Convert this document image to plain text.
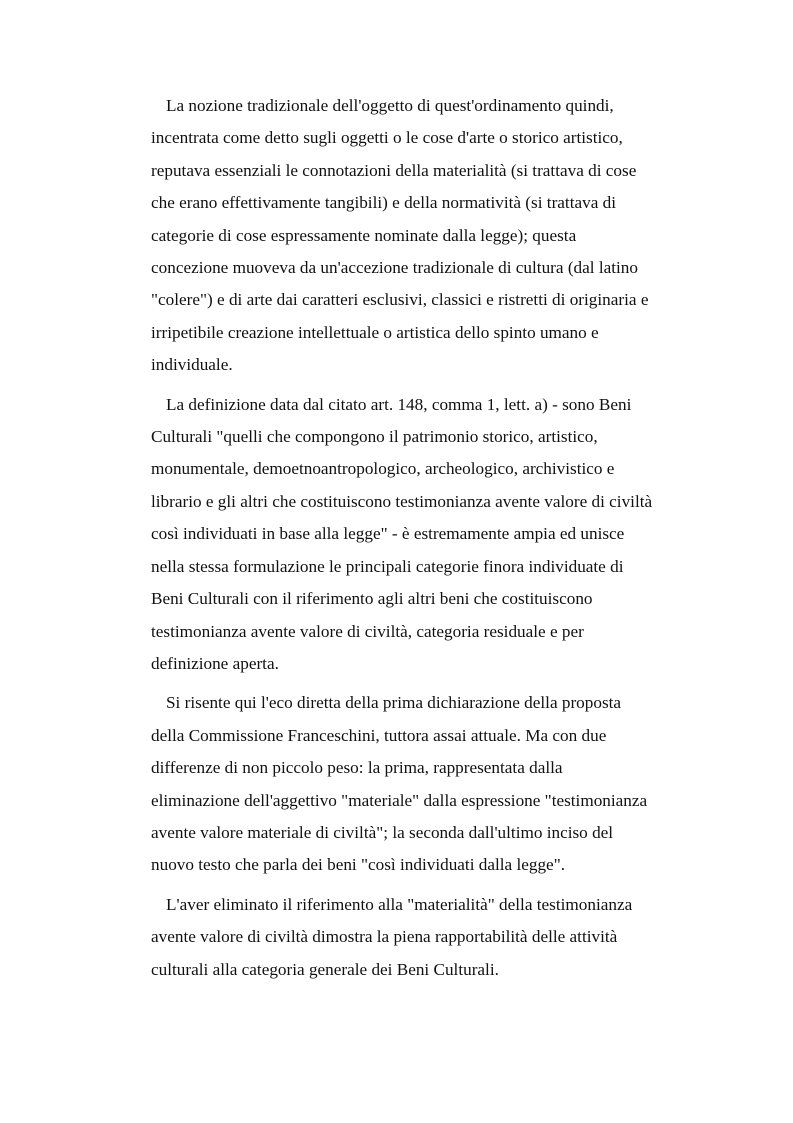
La nozione tradizionale dell'oggetto di quest'ordinamento quindi,
incentrata come detto sugli oggetti o le cose d'arte o storico artistico,
reputava essenziali le connotazioni della materialità (si trattava di cose
che erano effettivamente tangibili) e della normatività (si trattava di
categorie di cose espressamente nominate dalla legge); questa
concezione muoveva da un'accezione tradizionale di cultura (dal latino
"colere") e di arte dai caratteri esclusivi, classici e ristretti di originaria e
irripetibile creazione intellettuale o artistica dello spinto umano e
individuale.

La definizione data dal citato art. 148, comma 1, lett. a) - sono Beni
Culturali "quelli che compongono il patrimonio storico, artistico,
monumentale, demoetnoantropologico, archeologico, archivistico e
librario e gli altri che costituiscono testimonianza avente valore di civiltà
così individuati in base alla legge" - è estremamente ampia ed unisce
nella stessa formulazione le principali categorie finora individuate di
Beni Culturali con il riferimento agli altri beni che costituiscono
testimonianza avente valore di civiltà, categoria residuale e per
definizione aperta.

Si risente qui l'eco diretta della prima dichiarazione della proposta
della Commissione Franceschini, tuttora assai attuale. Ma con due
differenze di non piccolo peso: la prima, rappresentata dalla
eliminazione dell'aggettivo "materiale" dalla espressione "testimonianza
avente valore materiale di civiltà"; la seconda dall'ultimo inciso del
nuovo testo che parla dei beni "così individuati dalla legge".

L'aver eliminato il riferimento alla "materialità" della testimonianza
avente valore di civiltà dimostra la piena rapportabilità delle attività
culturali alla categoria generale dei Beni Culturali.
